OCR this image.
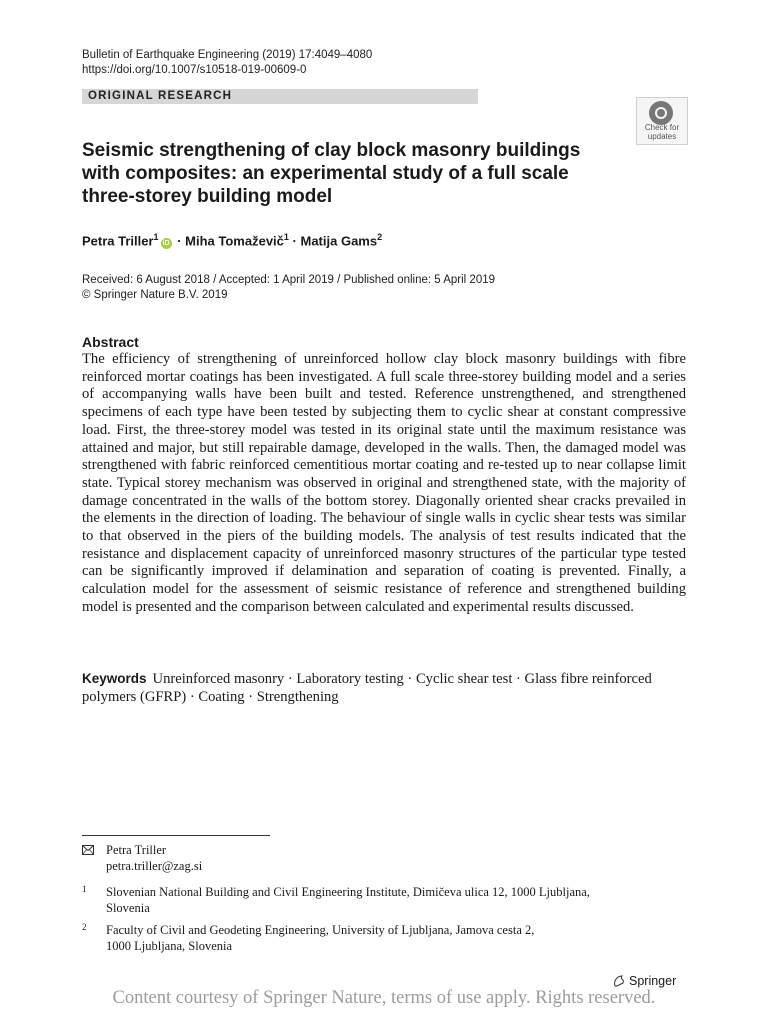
Bulletin of Earthquake Engineering (2019) 17:4049–4080
https://doi.org/10.1007/s10518-019-00609-0
ORIGINAL RESEARCH
Check for
updates
Seismic strengthening of clay block masonry buildings with composites: an experimental study of a full scale three-storey building model
Petra Triller$^1$iD · Miha Tomaževič$^1$ · Matija Gams$^2$
Received: 6 August 2018 / Accepted: 1 April 2019 / Published online: 5 April 2019
© Springer Nature B.V. 2019
Abstract
The efficiency of strengthening of unreinforced hollow clay block masonry buildings with fibre reinforced mortar coatings has been investigated. A full scale three-storey building model and a series of accompanying walls have been built and tested. Reference unstrengthened, and strengthened specimens of each type have been tested by subjecting them to cyclic shear at constant compressive load. First, the three-storey model was tested in its original state until the maximum resistance was attained and major, but still repairable damage, developed in the walls. Then, the damaged model was strengthened with fabric reinforced cementitious mortar coating and re-tested up to near collapse limit state. Typical storey mechanism was observed in original and strengthened state, with the majority of damage concentrated in the walls of the bottom storey. Diagonally oriented shear cracks prevailed in the elements in the direction of loading. The behaviour of single walls in cyclic shear tests was similar to that observed in the piers of the building models. The analysis of test results indicated that the resistance and displacement capacity of unreinforced masonry structures of the particular type tested can be significantly improved if delamination and separation of coating is prevented. Finally, a calculation model for the assessment of seismic resistance of reference and strengthened building model is presented and the comparison between calculated and experimental results discussed.
Keywords Unreinforced masonry · Laboratory testing · Cyclic shear test · Glass fibre reinforced polymers (GFRP) · Coating · Strengthening
Petra Triller
petra.triller@zag.si
1 Slovenian National Building and Civil Engineering Institute, Dimičeva ulica 12, 1000 Ljubljana,
Slovenia
2 Faculty of Civil and Geodeting Engineering, University of Ljubljana, Jamova cesta 2,
1000 Ljubljana, Slovenia
Springer
Content courtesy of Springer Nature, terms of use apply. Rights reserved.
